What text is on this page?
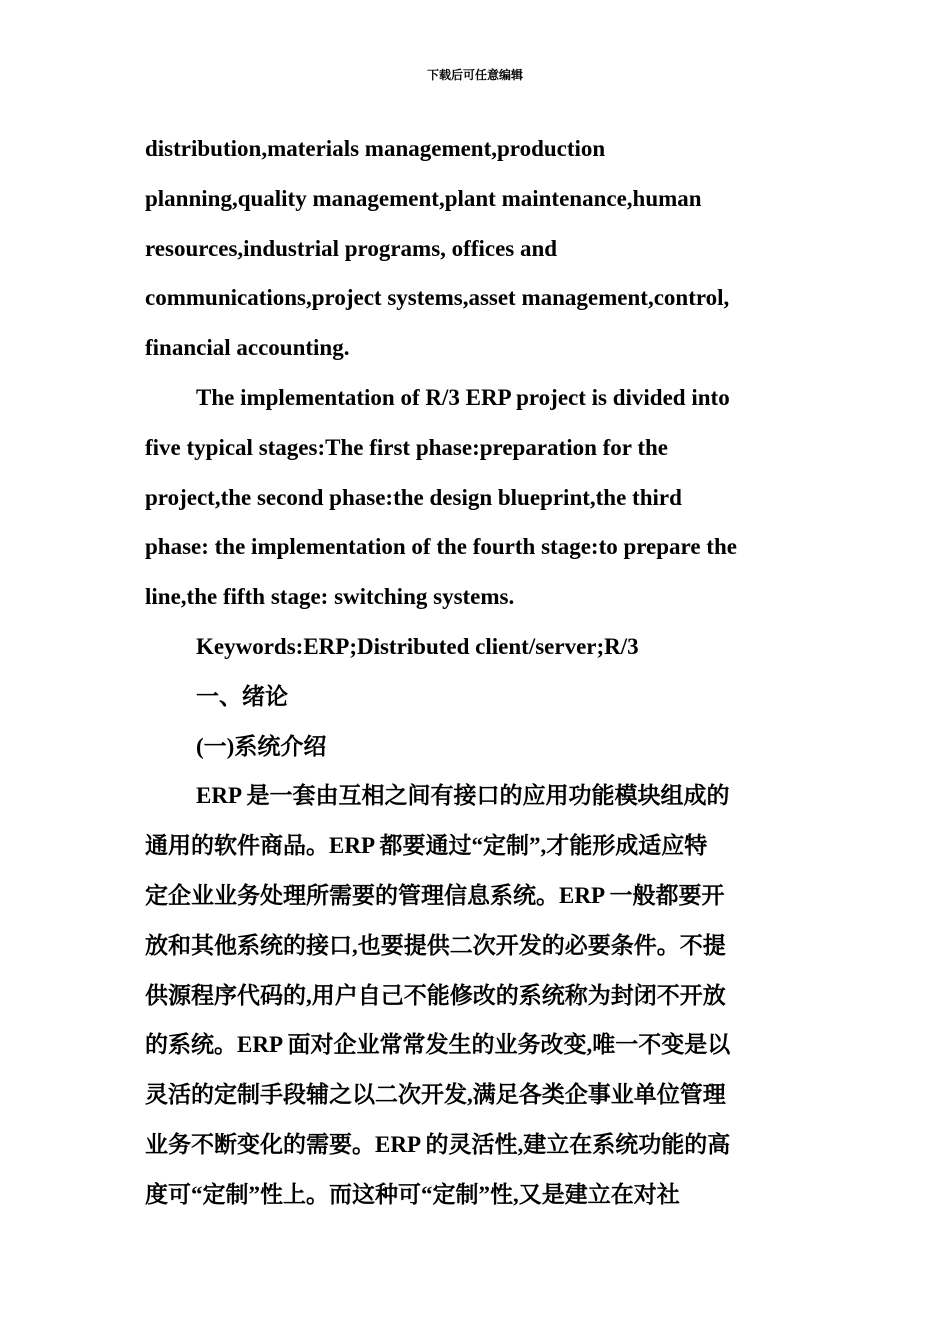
下载后可任意编辑
distribution,materials management,production
planning,quality management,plant maintenance,human
resources,industrial programs, offices and
communications,project systems,asset management,control,
financial accounting.
The implementation of R/3 ERP project is divided into
five typical stages:The first phase:preparation for the
project,the second phase:the design blueprint,the third
phase: the implementation of the fourth stage:to prepare the
line,the fifth stage: switching systems.
Keywords:ERP;Distributed client/server;R/3
一、绪论
(一)系统介绍
ERP 是一套由互相之间有接口的应用功能模块组成的
通用的软件商品。ERP 都要通过“定制”,才能形成适应特
定企业业务处理所需要的管理信息系统。ERP 一般都要开
放和其他系统的接口,也要提供二次开发的必要条件。不提
供源程序代码的,用户自己不能修改的系统称为封闭不开放
的系统。ERP 面对企业常常发生的业务改变,唯一不变是以
灵活的定制手段辅之以二次开发,满足各类企事业单位管理
业务不断变化的需要。ERP 的灵活性,建立在系统功能的高
度可“定制”性上。而这种可“定制”性,又是建立在对社
